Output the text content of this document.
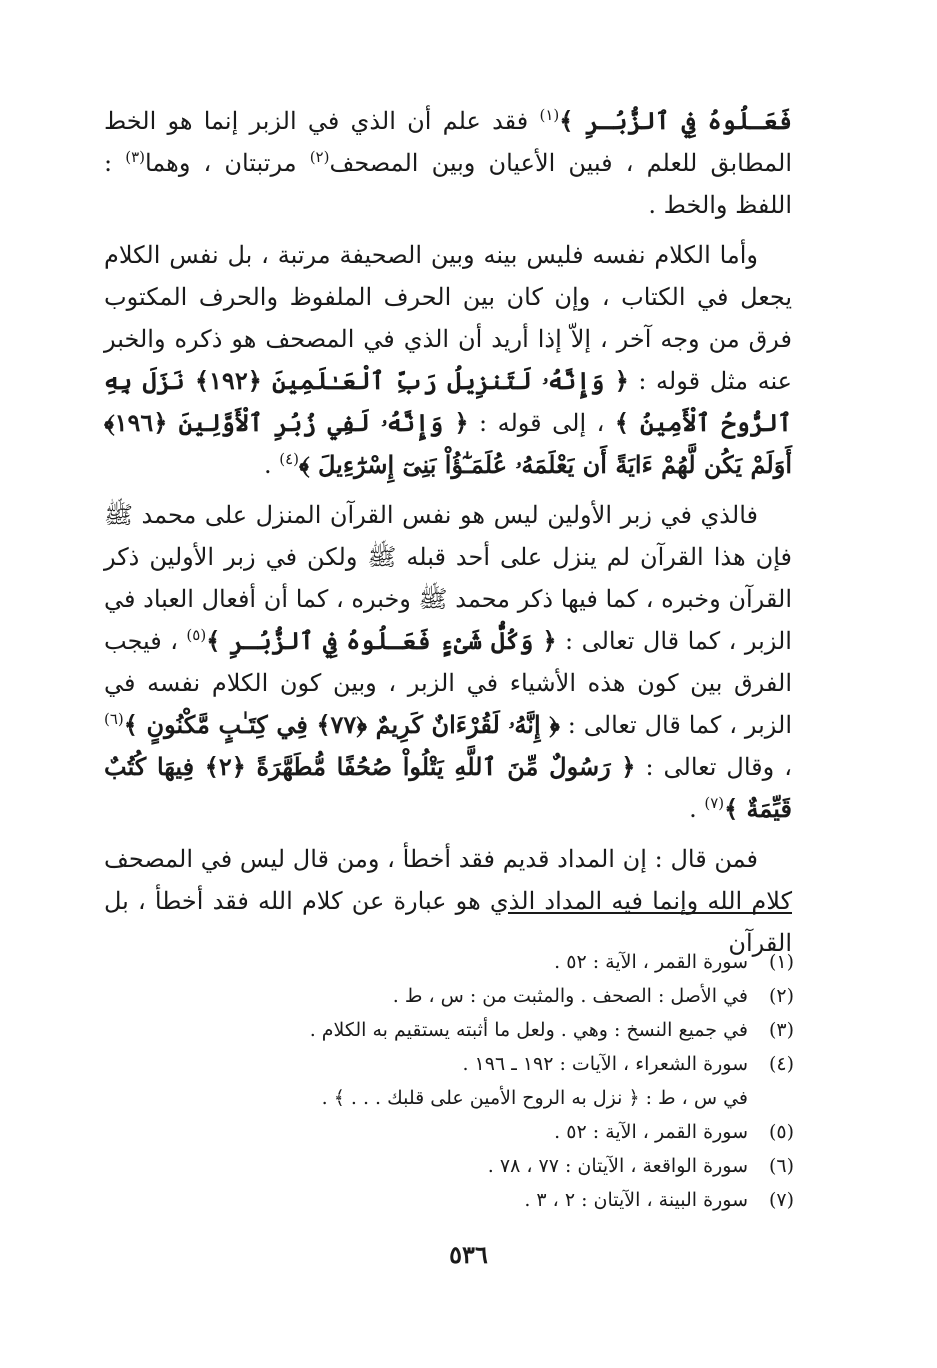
فَعَـلُوهُ فِي ٱلزُّبُـرِ ﴾$^{(١)}$ فقد علم أن الذي في الزبر إنما هو الخط المطابق للعلم ، فبين الأعيان وبين المصحف$^{(٢)}$ مرتبتان ، وهما$^{(٣)}$ : اللفظ والخط .

وأما الكلام نفسه فليس بينه وبين الصحيفة مرتبة ، بل نفس الكلام يجعل في الكتاب ، وإن كان بين الحرف الملفوظ والحرف المكتوب فرق من وجه آخر ، إلاّ إذا أريد أن الذي في المصحف هو ذكره والخبر عنه مثل قوله : ﴿ وَإِنَّهُۥ لَتَنزِيلُ رَبِّ ٱلْعَـٰلَمِينَ ﴿١٩٢﴾ نَزَلَ بِهِ ٱلرُّوحُ ٱلْأَمِينُ ﴾ ، إلى قوله : ﴿ وَإِنَّهُۥ لَفِي زُبُرِ ٱلْأَوَّلِينَ ﴿١٩٦﴾ أَوَلَمْ يَكُن لَّهُمْ ءَايَةً أَن يَعْلَمَهُۥ عُلَمَـٰٓؤُاْ بَنِىٓ إِسْرَٰٓءِيلَ ﴾$^{(٤)}$ .

فالذي في زبر الأولين ليس هو نفس القرآن المنزل على محمد ﷺ فإن هذا القرآن لم ينزل على أحد قبله ﷺ ولكن في زبر الأولين ذكر القرآن وخبره ، كما فيها ذكر محمد ﷺ وخبره ، كما أن أفعال العباد في الزبر ، كما قال تعالى : ﴿ وَكُلُّ شَىْءٍ فَعَـلُوهُ فِي ٱلزُّبُـرِ ﴾$^{(٥)}$ ، فيجب الفرق بين كون هذه الأشياء في الزبر ، وبين كون الكلام نفسه في الزبر ، كما قال تعالى : ﴿ إِنَّهُۥ لَقُرْءَانٌ كَرِيمٌ ﴿٧٧﴾ فِي كِتَـٰبٍ مَّكْنُونٍ ﴾$^{(٦)}$ ، وقال تعالى : ﴿ رَسُولٌ مِّنَ ٱللَّهِ يَتْلُواْ صُحُفًا مُّطَهَّرَةً ﴿٢﴾ فِيهَا كُتُبٌ قَيِّمَةٌ ﴾$^{(٧)}$ .

فمن قال : إن المداد قديم فقد أخطأ ، ومن قال ليس في المصحف كلام الله وإنما فيه المداد الذي هو عبارة عن كلام الله فقد أخطأ ، بل القرآن

(١)
سورة القمر ، الآية : ٥٢ .
(٢)
في الأصل : الصحف . والمثبت من : س ، ط .
(٣)
في جميع النسخ : وهي . ولعل ما أثبته يستقيم به الكلام .
(٤)
سورة الشعراء ، الآيات : ١٩٢ ـ ١٩٦ .
في س ، ط : ﴿ نزل به الروح الأمين على قلبك . . . ﴾ .
(٥)
سورة القمر ، الآية : ٥٢ .
(٦)
سورة الواقعة ، الآيتان : ٧٧ ، ٧٨ .
(٧)
سورة البينة ، الآيتان : ٢ ، ٣ .
٥٣٦
